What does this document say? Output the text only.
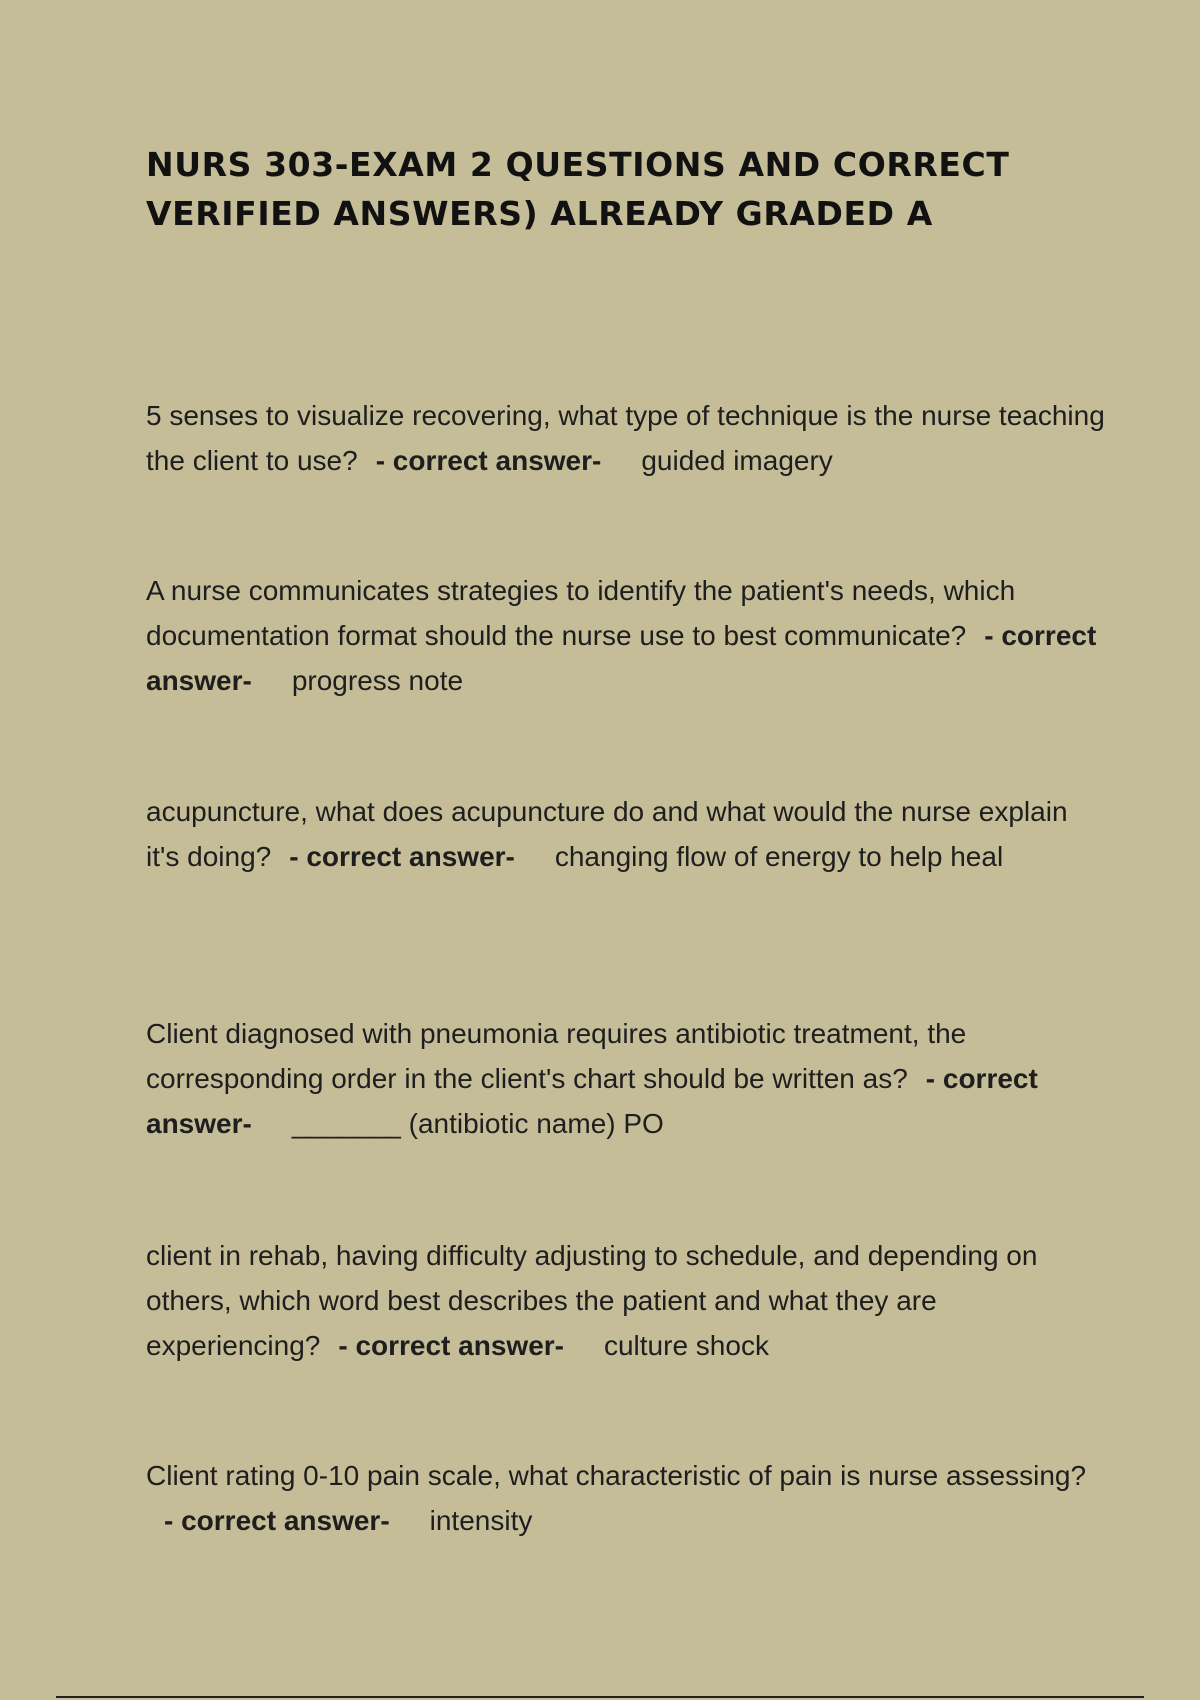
NURS 303-EXAM 2 QUESTIONS AND CORRECT VERIFIED ANSWERS) ALREADY GRADED A

5 senses to visualize recovering, what type of technique is the nurse teaching the client to use? - correct answer- guided imagery

A nurse communicates strategies to identify the patient's needs, which documentation format should the nurse use to best communicate? - correct answer- progress note

acupuncture, what does acupuncture do and what would the nurse explain it's doing? - correct answer- changing flow of energy to help heal

Client diagnosed with pneumonia requires antibiotic treatment, the corresponding order in the client's chart should be written as? - correct answer- _______ (antibiotic name) PO

client in rehab, having difficulty adjusting to schedule, and depending on others, which word best describes the patient and what they are experiencing? - correct answer- culture shock

Client rating 0-10 pain scale, what characteristic of pain is nurse assessing?- correct answer- intensity
